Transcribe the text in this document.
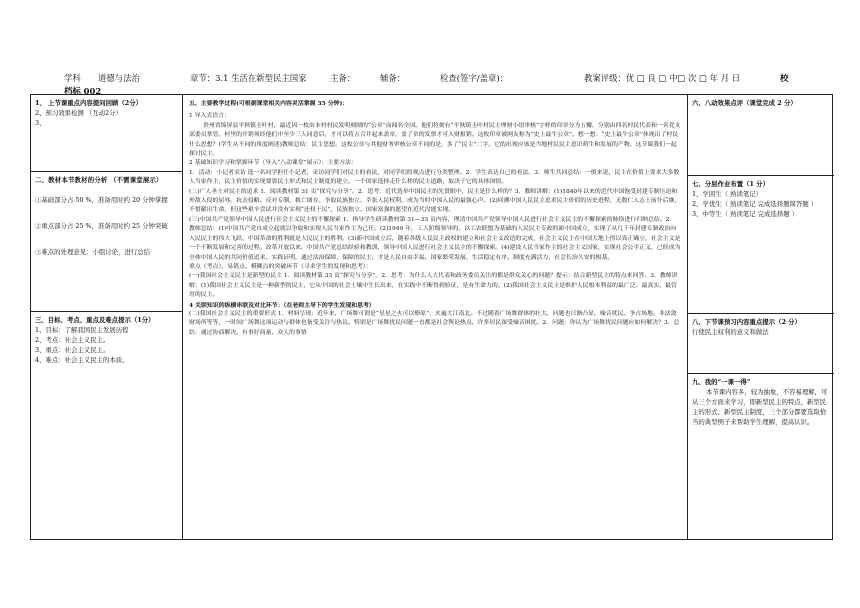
学科	道德与法治	章节：3.1 生活在新型民主国家	主备：	辅备：	检查(签字/盖章)：	教案评级：优 □ 良 □ 中□ 次 □ 年 月 日	校
档标 002
1、 上节课重点内容提问回顾（2分）
2、预习效果检测 （互动2分）
3、
二、教材本节教材的分析 （不需课堂展示）
①基础部分占 50 %，准备用时约 20 分钟掌握
②重点部分占 25 %，准备用时约 25 分钟突破
③难点的处理意见：小组讨论，进行总结
三、目标、考点、重点及难点提示（1分）
1、目标：了解我国民主发展历程
2、考点：社会主义民主。
3、重点：社会主义民主。
4、难点：社会主义民主的本质。

五、主要教学过程(可根据课堂相关内容灵活掌握 35 分钟)：

1 导入式语言：

贵州省锦屏县平秋镇圭叶村，最近因一枚由本村村民发明刻制的“公章”而闻名全国。他们将刻有“平秋镇圭叶村民主理财小组审核”字样的印章分为五瓣，分别由四名村民代表和一名党支部委员掌管。村里的开销须经他们中至少三人同意后，才可以将五合并起来盖章，盖了章的发票才可入财报销。这枚印章被网友称为“史上最牛公章”。想一想：“史上最牛公章”体现出了村民什么思想？(学生从不同的角度阐述)教师总结：民主思想。这枚公章与其他财务审核公章不同的是，多了“民主”二字。它的出现应该是当地村民民主意识萌生和发展的产物。这节课我们一起探讨民主。

2 基础知识学习和掌握环节（导入“八动课堂”展示）：主要方法：

1．活动：小记者采访 选一名同学担任小记者，采访同学们对民主的看法，对同学们的观点进行分类整理。2．学生表达自己的看法。3．师生共同总结：一般来说，民主在价值上要求大多数人当家作主，民主价值的实现要靠民主形式和民主制度的建立。一个国家选择走什么样的民主道路，取决于它的具体国情。

(二)广人圣士对民主的追求 1．阅读教材第 31 页“探究与分享”。2．思考：近代选举中国民主的先贤眼中，民主是什么样的？3．教师讲解：(1)1840年以来的近代中国饱受封建专制压迫和外敌入侵的屈辱。抗击侵略、反对专制，救亡图存、争取民族独立、幸张人民权利，成为当时中国人民的最强心声。(2)回溯中国人民民主追求民主价值的历史进程，无数仁人志士前仆后继，不惜献出生命，但这些艰辛尝试并没有实现“还权于民”，民族独立、国家富强的愿望在近代没能实现。

(三)中国共产党领导中国人民进行社会主义民主的不懈探索 1．指导学生研读教材第 31—33 页内容，理清中国共产党领导中国人民进行社会主义民主的不懈探索的脉络进行归纳总结。2．教师总结：(1)中国共产党自成立起就以争取和实现人民当家作主为己任。(2)1949 年，工人阶级领导的、以工农联盟为基础的人民民主专政的新中国成立，实现了从几千年封建专制政治向人民民主的伟大飞跃，中国革命的胜利就是人民民主的胜利。(3)新中国成立后，随着各级人民民主政权的建立和社会主义改造的完成，社会主义民主在中国大地上得以真正确立，社会主义是一个不断发展和完善的过程。改革开放以来，中国共产党总结经验和教训，领导中国人民进行社会主义民主的不懈探索。(4)建设人民当家作主的社会主义国家，实现社会公平正义，已经成为全体中国人民的共同价值追求。实践证明，通过法治保障，保障的民主，才是人民自由幸福、国家繁荣发展、生活稳定有序、制度充满活力、社会长治久安的根基。

重点（考点）、易错点、模糊点的突破环节（寻求学生的发现和思考）：

(一)我国社会主义民主是新型的民主 1．阅读教材第 33 页“探究与分享”。2．思考：为什么人大代表和政务委员关注的都是群众关心的问题？提示：结合新型民主的特点来回答。3．教师讲解：(1)我国社会主义民主是一种新型的民主，它从中国的社会土壤中生长出来，在实践中不断得到验证，是有生命力的。(2)我国社会主义民主是维护人民根本利益的最广泛、最真实、最管用的民主。

4 关联知识的纵横串联及对比环节：（在老师主导下的学生发现和思考）

(二)我国社会主义民主的重要形式 1．材料呈现：近年来，广场舞可谓是“星星之火可以燎原”，火遍大江南北。不过随着广场舞群体的壮大，问题也日渐凸显，噪音扰民、争占场地、非法敛财场所等等，一时间广场舞这项运动与群体也备受关注与热议。特别是广场舞扰民问题一直都是社会舆论热点，许多居民深受噪音困扰。2．问题：你认为广场舞扰民问题应如何解决？3．总结：通过协商解决。有事好商量，众人的事情

六、八动效果点评（课堂完成 2 分）
七、分层作业布置（1 分）
1、学困生（ 熟读笔记）
2、学优生（ 熟读笔记 完成选择题简答题 ）
3、中等生（ 熟读笔记 完成选择题 ）
八、下节课预习内容重点提示（2 分）
行使民主权利的意义和做法
九、我的“一课一得”
本节课内容多，较为抽象，不容易理解，可从三个方面来学习，即新型民主的特点、新型民主的形式、新型民主制度，三个部分都要选取恰当的典型例子来帮助学生理解，提高认识。
